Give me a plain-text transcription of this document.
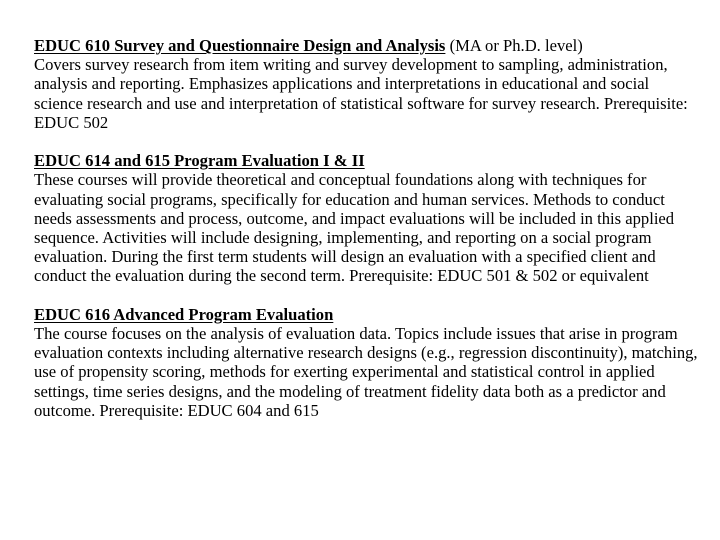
EDUC 610 Survey and Questionnaire Design and Analysis (MA or Ph.D. level)
Covers survey research from item writing and survey development to sampling, administration, analysis and reporting. Emphasizes applications and interpretations in educational and social science research and use and interpretation of statistical software for survey research. Prerequisite: EDUC 502
EDUC 614 and 615 Program Evaluation I & II
These courses will provide theoretical and conceptual foundations along with techniques for evaluating social programs, specifically for education and human services. Methods to conduct needs assessments and process, outcome, and impact evaluations will be included in this applied sequence. Activities will include designing, implementing, and reporting on a social program evaluation. During the first term students will design an evaluation with a specified client and conduct the evaluation during the second term. Prerequisite: EDUC 501 & 502 or equivalent
EDUC 616 Advanced Program Evaluation
The course focuses on the analysis of evaluation data. Topics include issues that arise in program evaluation contexts including alternative research designs (e.g., regression discontinuity), matching, use of propensity scoring, methods for exerting experimental and statistical control in applied settings, time series designs, and the modeling of treatment fidelity data both as a predictor and outcome. Prerequisite: EDUC 604 and 615
